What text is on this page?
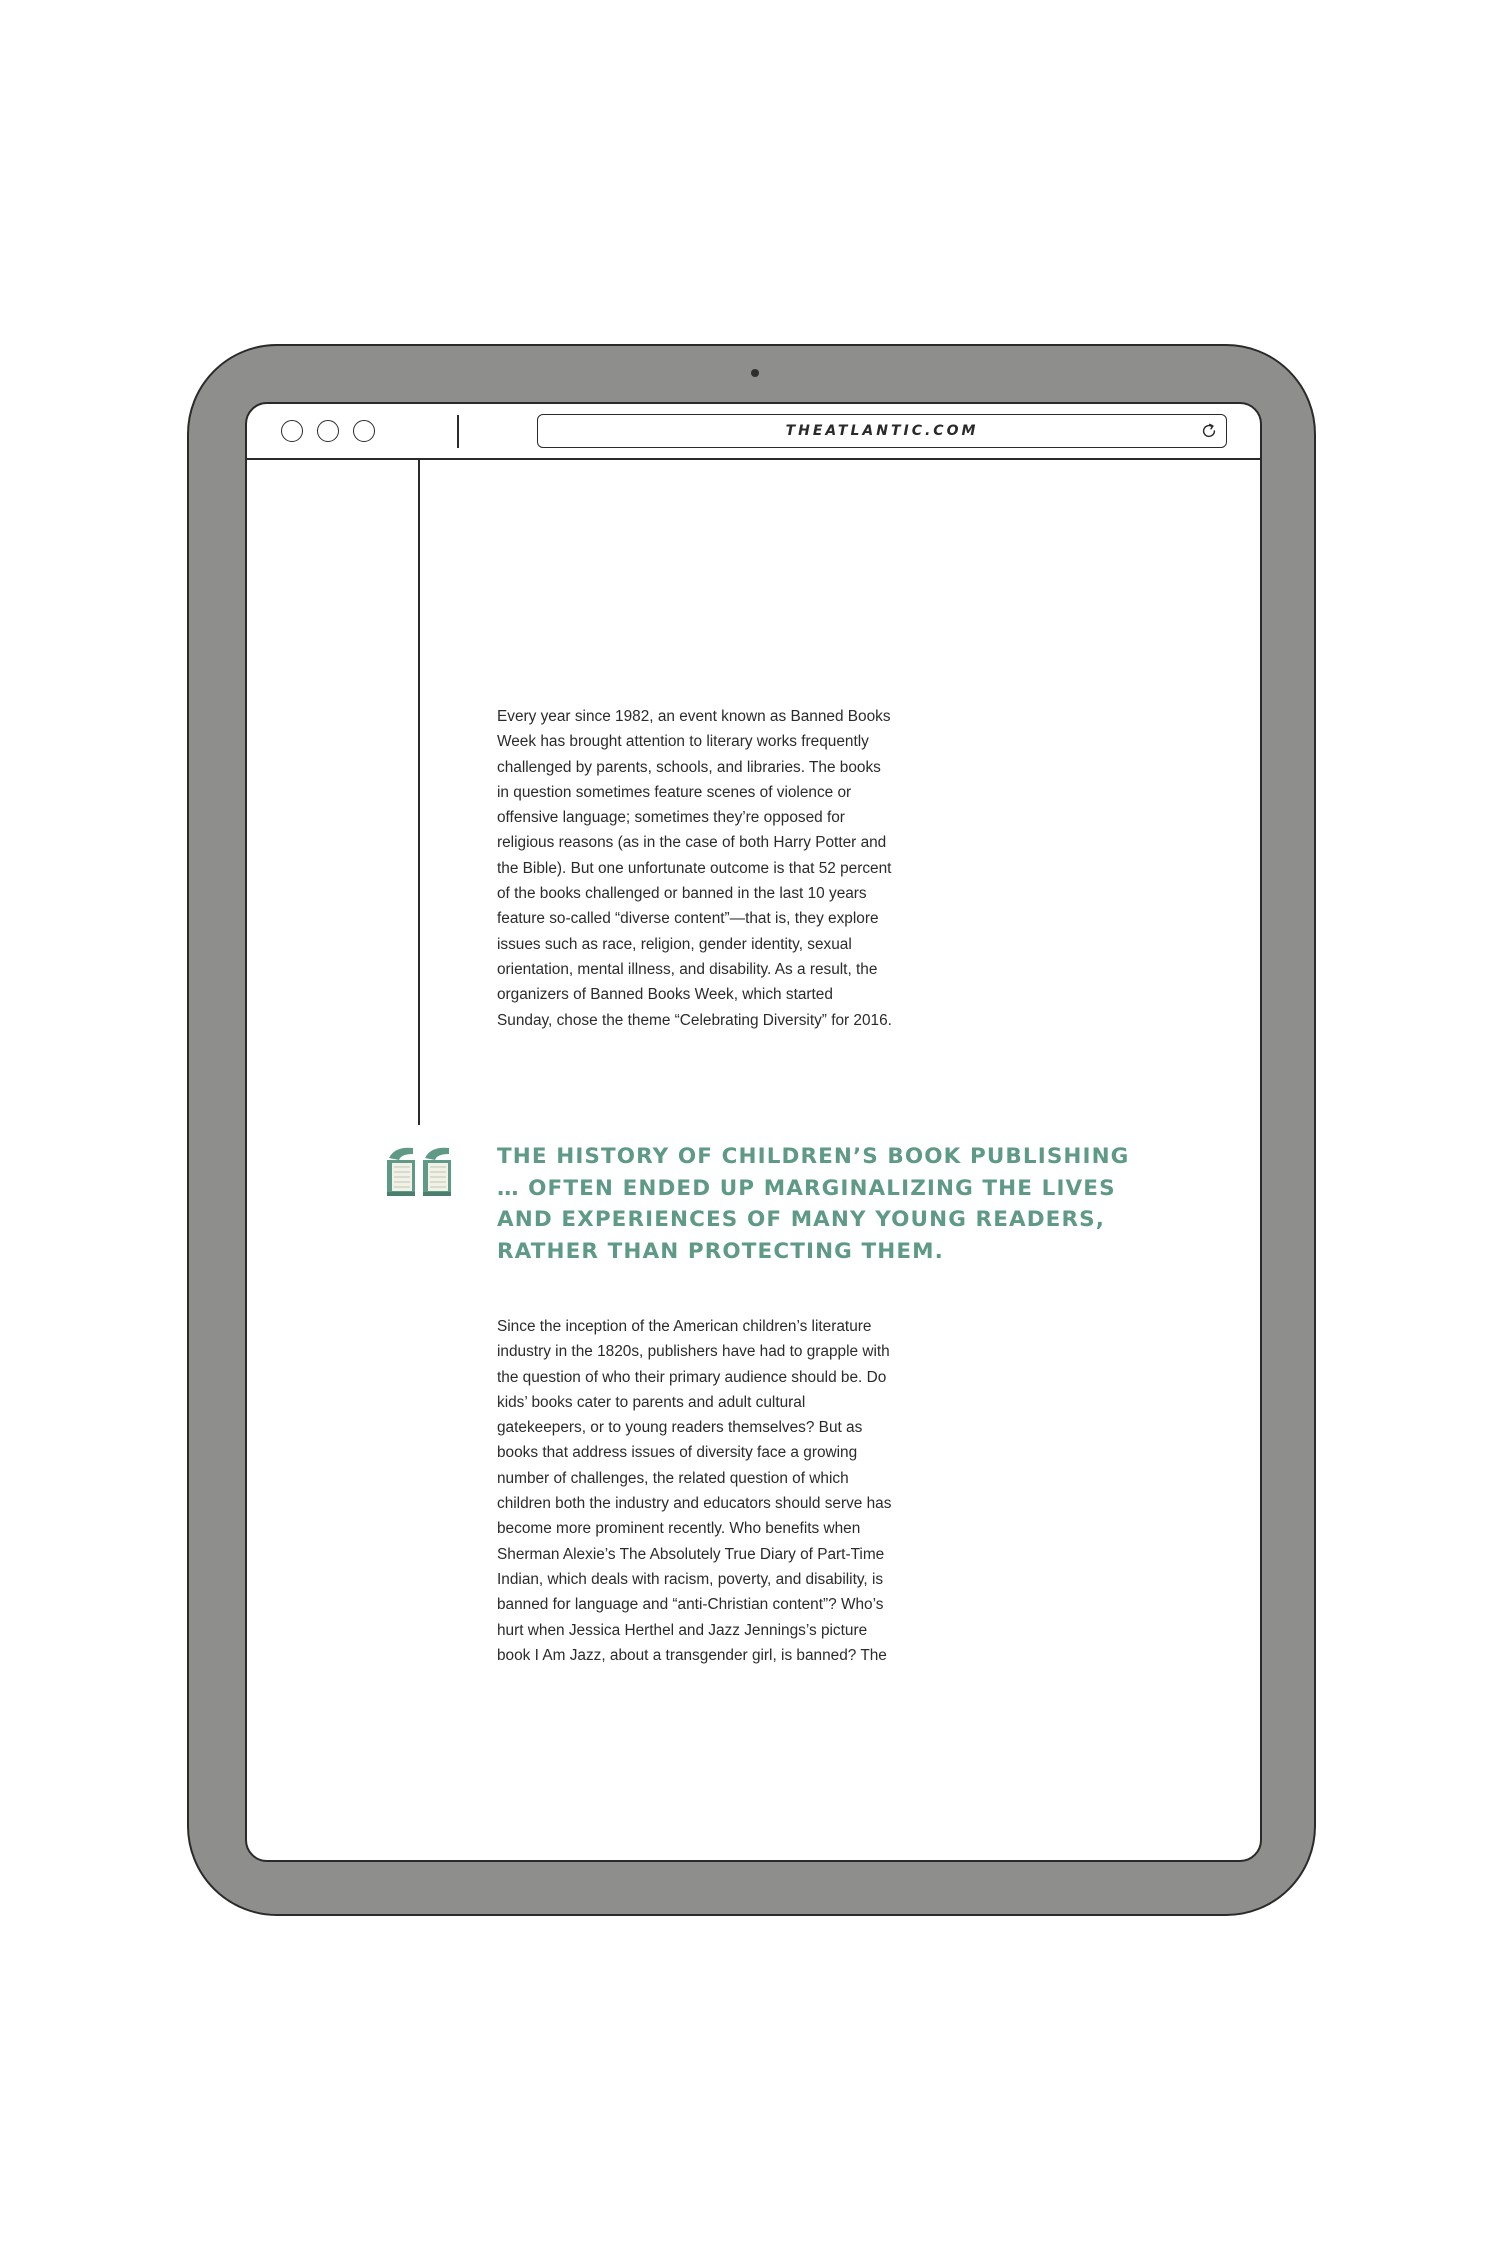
THEATLANTIC.COM

Every year since 1982, an event known as Banned Books Week has brought attention to literary works frequently challenged by parents, schools, and libraries. The books in question sometimes feature scenes of violence or offensive language; sometimes they’re opposed for religious reasons (as in the case of both Harry Potter and the Bible). But one unfortunate outcome is that 52 percent of the books challenged or banned in the last 10 years feature so-called “diverse content”—that is, they explore issues such as race, religion, gender identity, sexual orientation, mental illness, and disability. As a result, the organizers of Banned Books Week, which started Sunday, chose the theme “Celebrating Diversity” for 2016.

THE HISTORY OF CHILDREN’S BOOK PUBLISHING … OFTEN ENDED UP MARGINALIZING THE LIVES AND EXPERIENCES OF MANY YOUNG READERS, RATHER THAN PROTECTING THEM.

Since the inception of the American children’s literature industry in the 1820s, publishers have had to grapple with the question of who their primary audience should be. Do kids’ books cater to parents and adult cultural gatekeepers, or to young readers themselves? But as books that address issues of diversity face a growing number of challenges, the related question of which children both the industry and educators should serve has become more prominent recently. Who benefits when Sherman Alexie’s The Absolutely True Diary of Part-Time Indian, which deals with racism, poverty, and disability, is banned for language and “anti-Christian content”? Who’s hurt when Jessica Herthel and Jazz Jennings’s picture book I Am Jazz, about a transgender girl, is banned? The
